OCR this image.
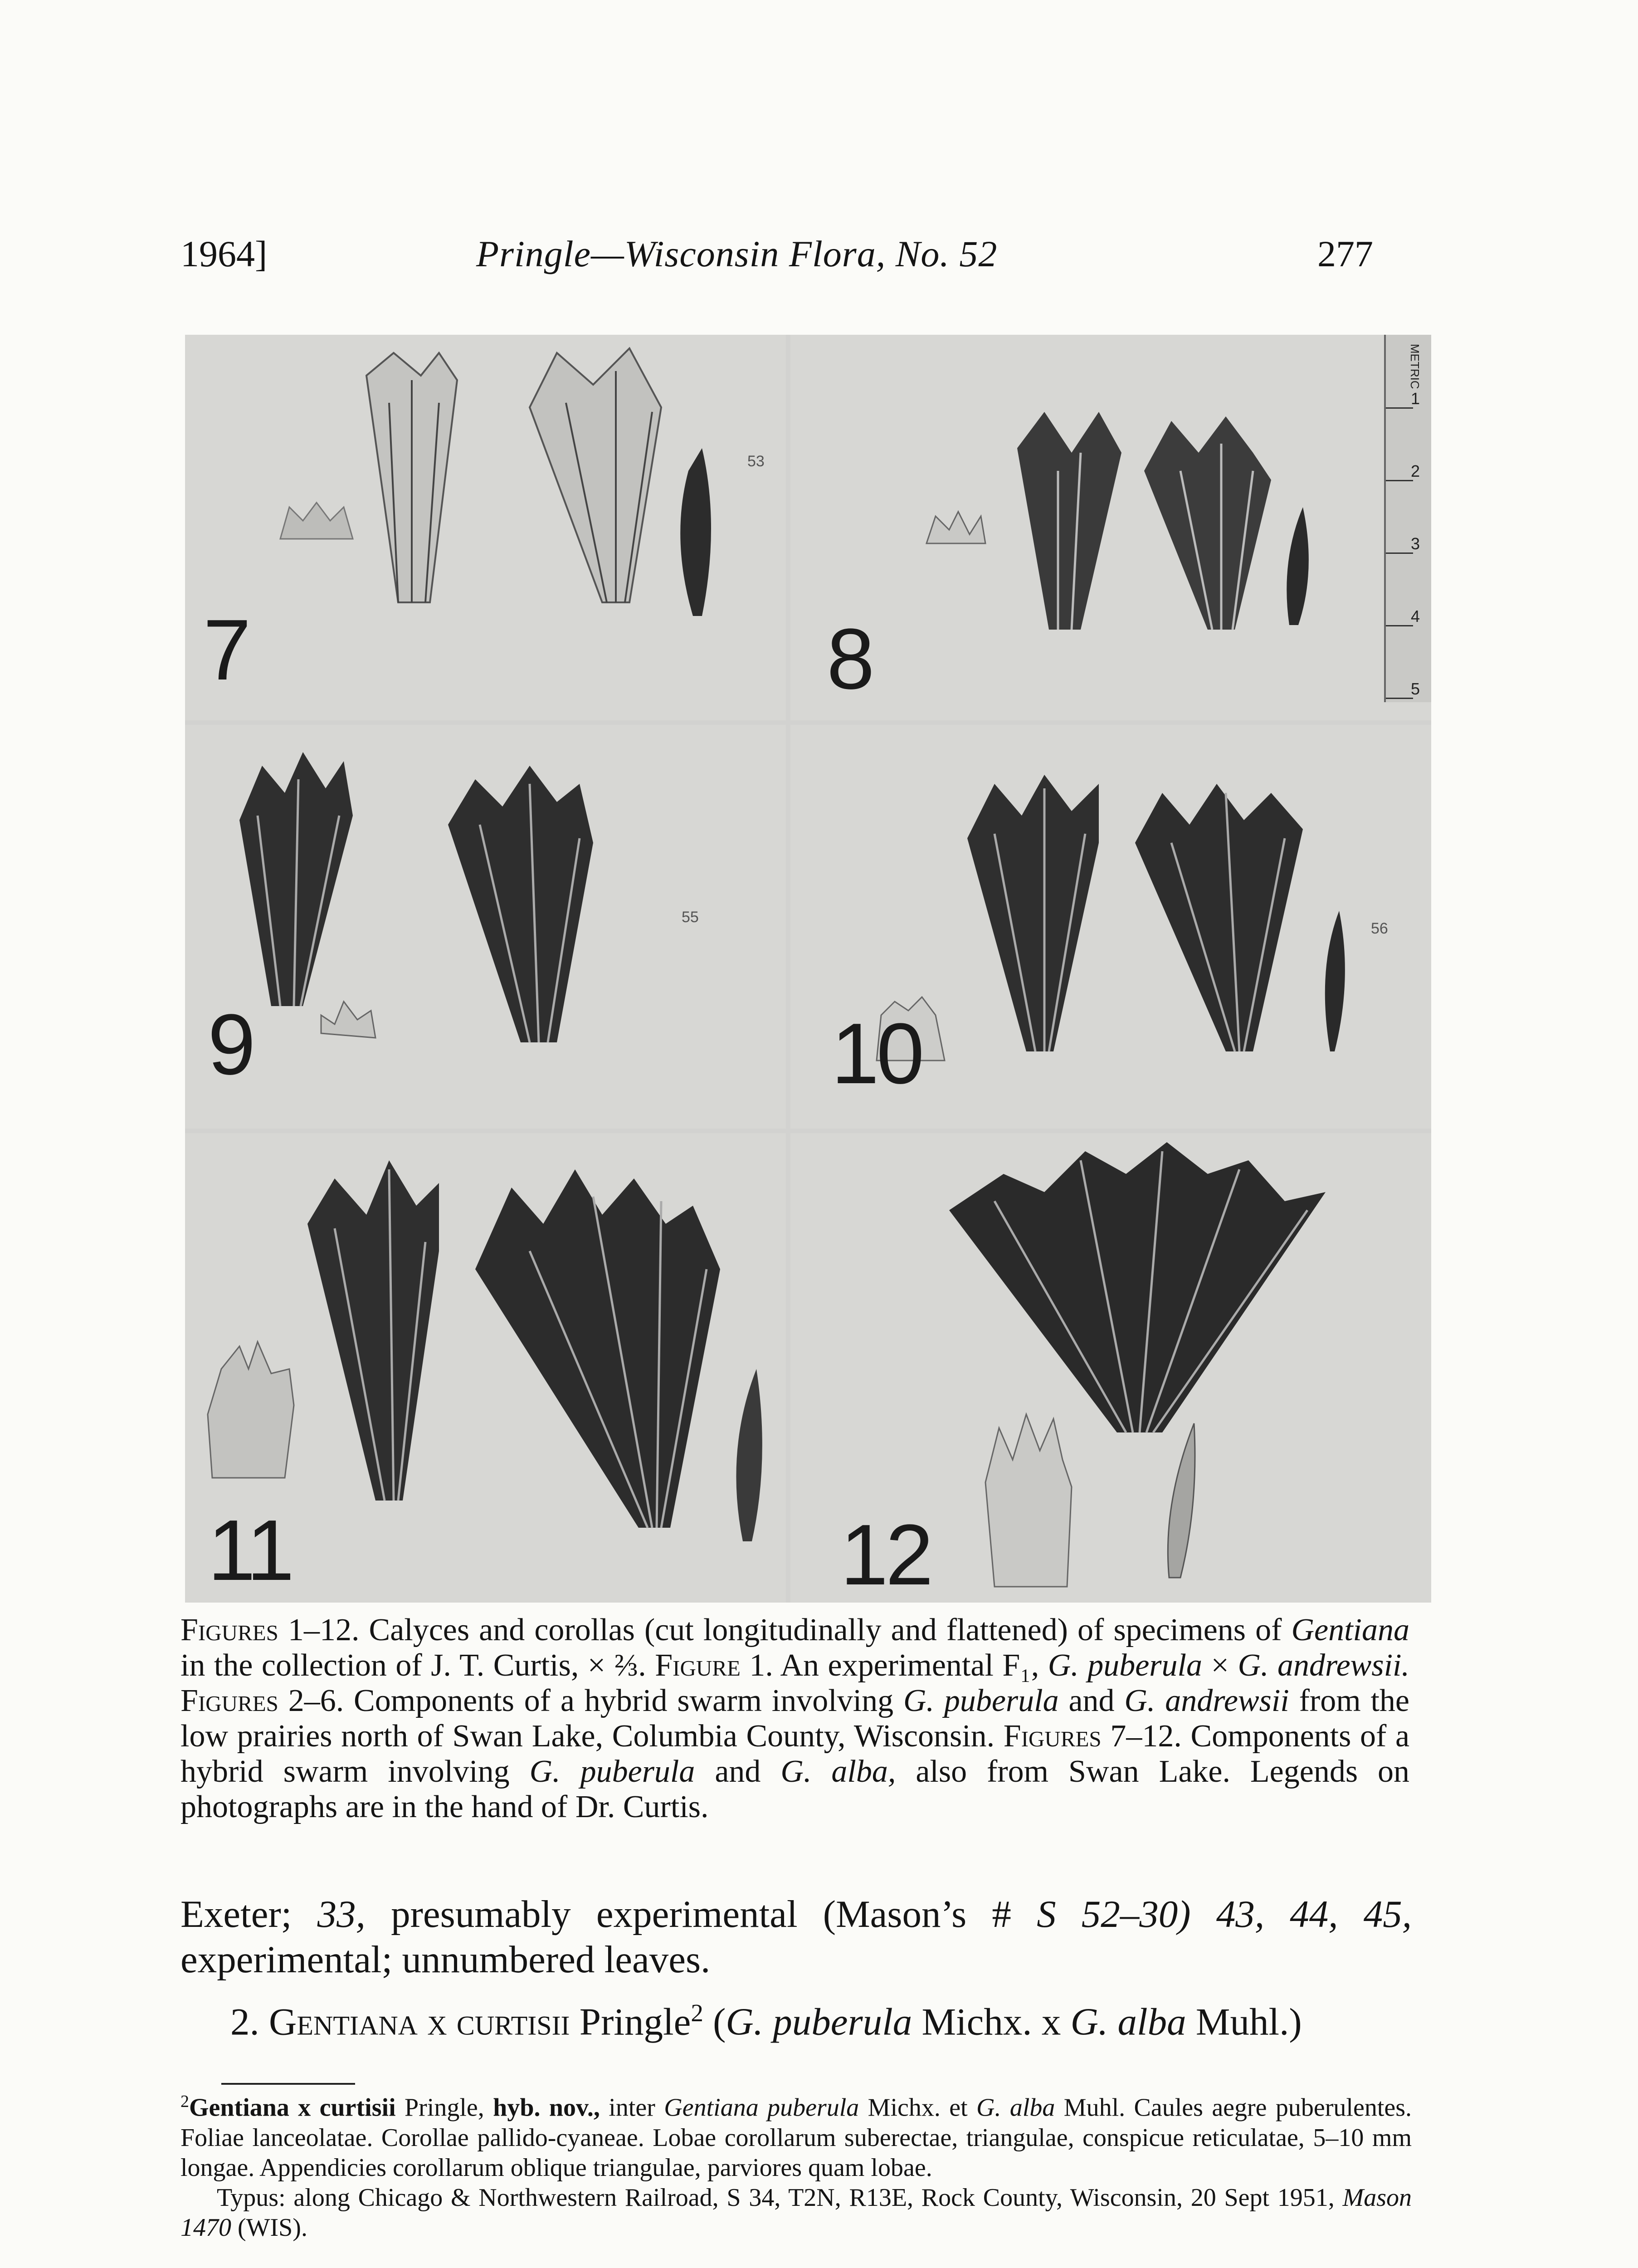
1964]	Pringle—Wisconsin Flora, No. 52	277
7
53
8
METRIC
1
2
3
4
5
9
55
10
56
11	12
Figures 1–12. Calyces and corollas (cut longitudinally and flattened) of specimens of Gentiana in the collection of J. T. Curtis, × ⅔. Figure 1. An experimental F₁, G. puberula × G. andrewsii. Figures 2–6. Components of a hybrid swarm involving G. puberula and G. andrewsii from the low prairies north of Swan Lake, Columbia County, Wisconsin. Figures 7–12. Components of a hybrid swarm involving G. puberula and G. alba, also from Swan Lake. Legends on photographs are in the hand of Dr. Curtis.

Exeter; 33, presumably experimental (Mason’s # S 52–30) 43, 44, 45, experimental; unnumbered leaves.

2. Gentiana x curtisii Pringle$^2$ (G. puberula Michx. x G. alba Muhl.)

$^2$Gentiana x curtisii Pringle, hyb. nov., inter Gentiana puberula Michx. et G. alba Muhl. Caules aegre puberulentes. Foliae lanceolatae. Corollae pallido-cyaneae. Lobae corollarum suberectae, triangulae, conspicue reticulatae, 5–10 mm longae. Appendicies corollarum oblique triangulae, parviores quam lobae.

Typus: along Chicago & Northwestern Railroad, S 34, T2N, R13E, Rock County, Wisconsin, 20 Sept 1951, Mason 1470 (WIS).
